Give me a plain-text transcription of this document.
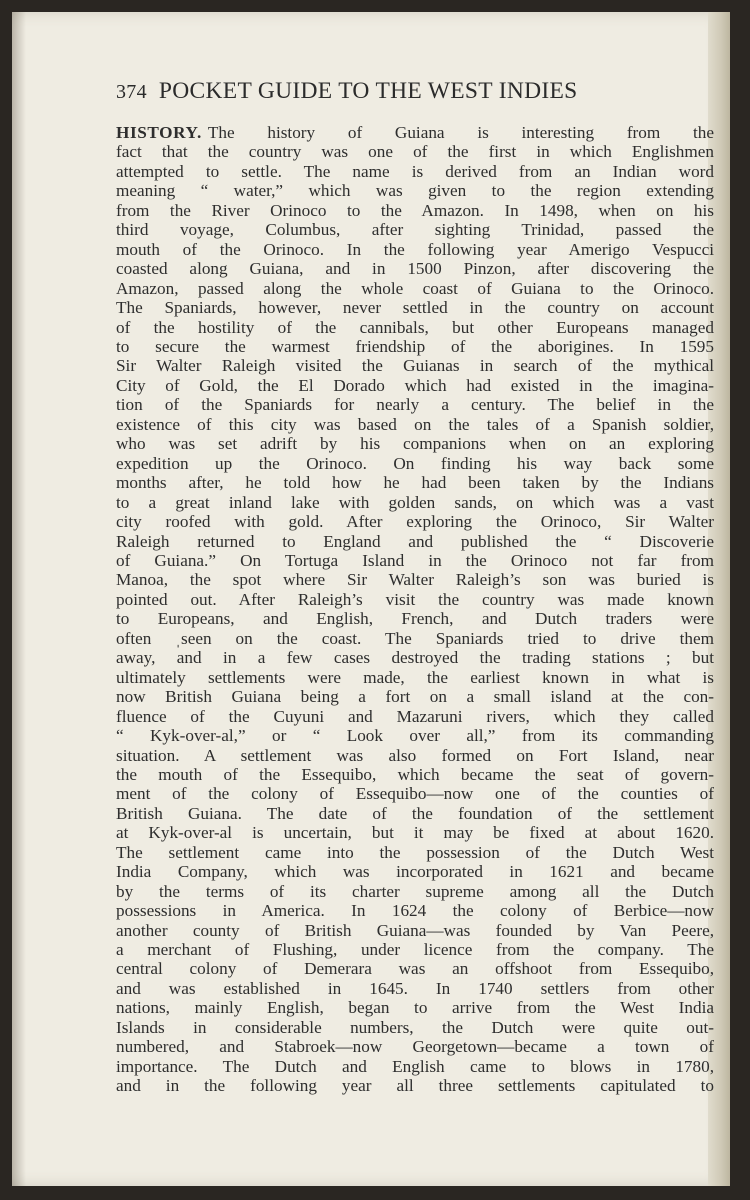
374 POCKET GUIDE TO THE WEST INDIES
HISTORY. The history of Guiana is interesting from the
fact that the country was one of the first in which Englishmen
attempted to settle. The name is derived from an Indian word
meaning “ water,” which was given to the region extending
from the River Orinoco to the Amazon. In 1498, when on his
third voyage, Columbus, after sighting Trinidad, passed the
mouth of the Orinoco. In the following year Amerigo Vespucci
coasted along Guiana, and in 1500 Pinzon, after discovering the
Amazon, passed along the whole coast of Guiana to the Orinoco.
The Spaniards, however, never settled in the country on account
of the hostility of the cannibals, but other Europeans managed
to secure the warmest friendship of the aborigines. In 1595
Sir Walter Raleigh visited the Guianas in search of the mythical
City of Gold, the El Dorado which had existed in the imagina-
tion of the Spaniards for nearly a century. The belief in the
existence of this city was based on the tales of a Spanish soldier,
who was set adrift by his companions when on an exploring
expedition up the Orinoco. On finding his way back some
months after, he told how he had been taken by the Indians
to a great inland lake with golden sands, on which was a vast
city roofed with gold. After exploring the Orinoco, Sir Walter
Raleigh returned to England and published the “ Discoverie
of Guiana.” On Tortuga Island in the Orinoco not far from
Manoa, the spot where Sir Walter Raleigh’s son was buried is
pointed out. After Raleigh’s visit the country was made known
to Europeans, and English, French, and Dutch traders were
often ˌseen on the coast. The Spaniards tried to drive them
away, and in a few cases destroyed the trading stations ; but
ultimately settlements were made, the earliest known in what is
now British Guiana being a fort on a small island at the con-
fluence of the Cuyuni and Mazaruni rivers, which they called
“ Kyk-over-al,” or “ Look over all,” from its commanding
situation. A settlement was also formed on Fort Island, near
the mouth of the Essequibo, which became the seat of govern-
ment of the colony of Essequibo—now one of the counties of
British Guiana. The date of the foundation of the settlement
at Kyk-over-al is uncertain, but it may be fixed at about 1620.
The settlement came into the possession of the Dutch West
India Company, which was incorporated in 1621 and became
by the terms of its charter supreme among all the Dutch
possessions in America. In 1624 the colony of Berbice—now
another county of British Guiana—was founded by Van Peere,
a merchant of Flushing, under licence from the company. The
central colony of Demerara was an offshoot from Essequibo,
and was established in 1645. In 1740 settlers from other
nations, mainly English, began to arrive from the West India
Islands in considerable numbers, the Dutch were quite out-
numbered, and Stabroek—now Georgetown—became a town of
importance. The Dutch and English came to blows in 1780,
and in the following year all three settlements capitulated to
